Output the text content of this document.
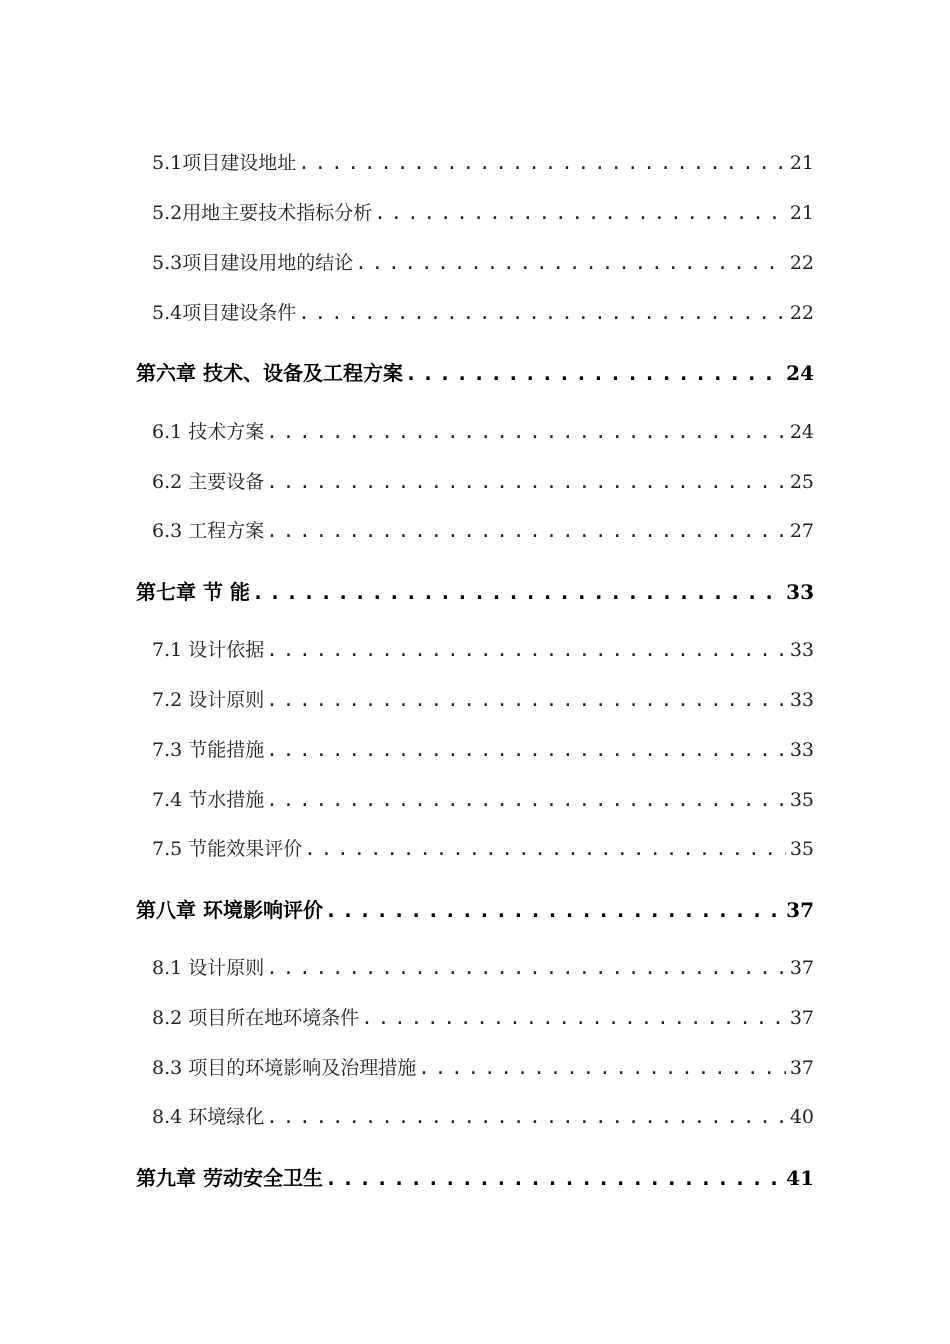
5.1项目建设地址 .....	21
5.2用地主要技术指标分析 .....	21
5.3项目建设用地的结论 .....	22
5.4项目建设条件 .....	22
第六章 技术、设备及工程方案 .....	24
6.1 技术方案 .....	24
6.2 主要设备 .....	25
6.3 工程方案 .....	27
第七章 节 能 .....	33
7.1 设计依据 .....	33
7.2 设计原则 .....	33
7.3 节能措施 .....	33
7.4 节水措施 .....	35
7.5 节能效果评价 .....	35
第八章 环境影响评价 .....	37
8.1 设计原则 .....	37
8.2 项目所在地环境条件 .....	37
8.3 项目的环境影响及治理措施 .....	37
8.4 环境绿化 .....	40
第九章 劳动安全卫生 .....	41
